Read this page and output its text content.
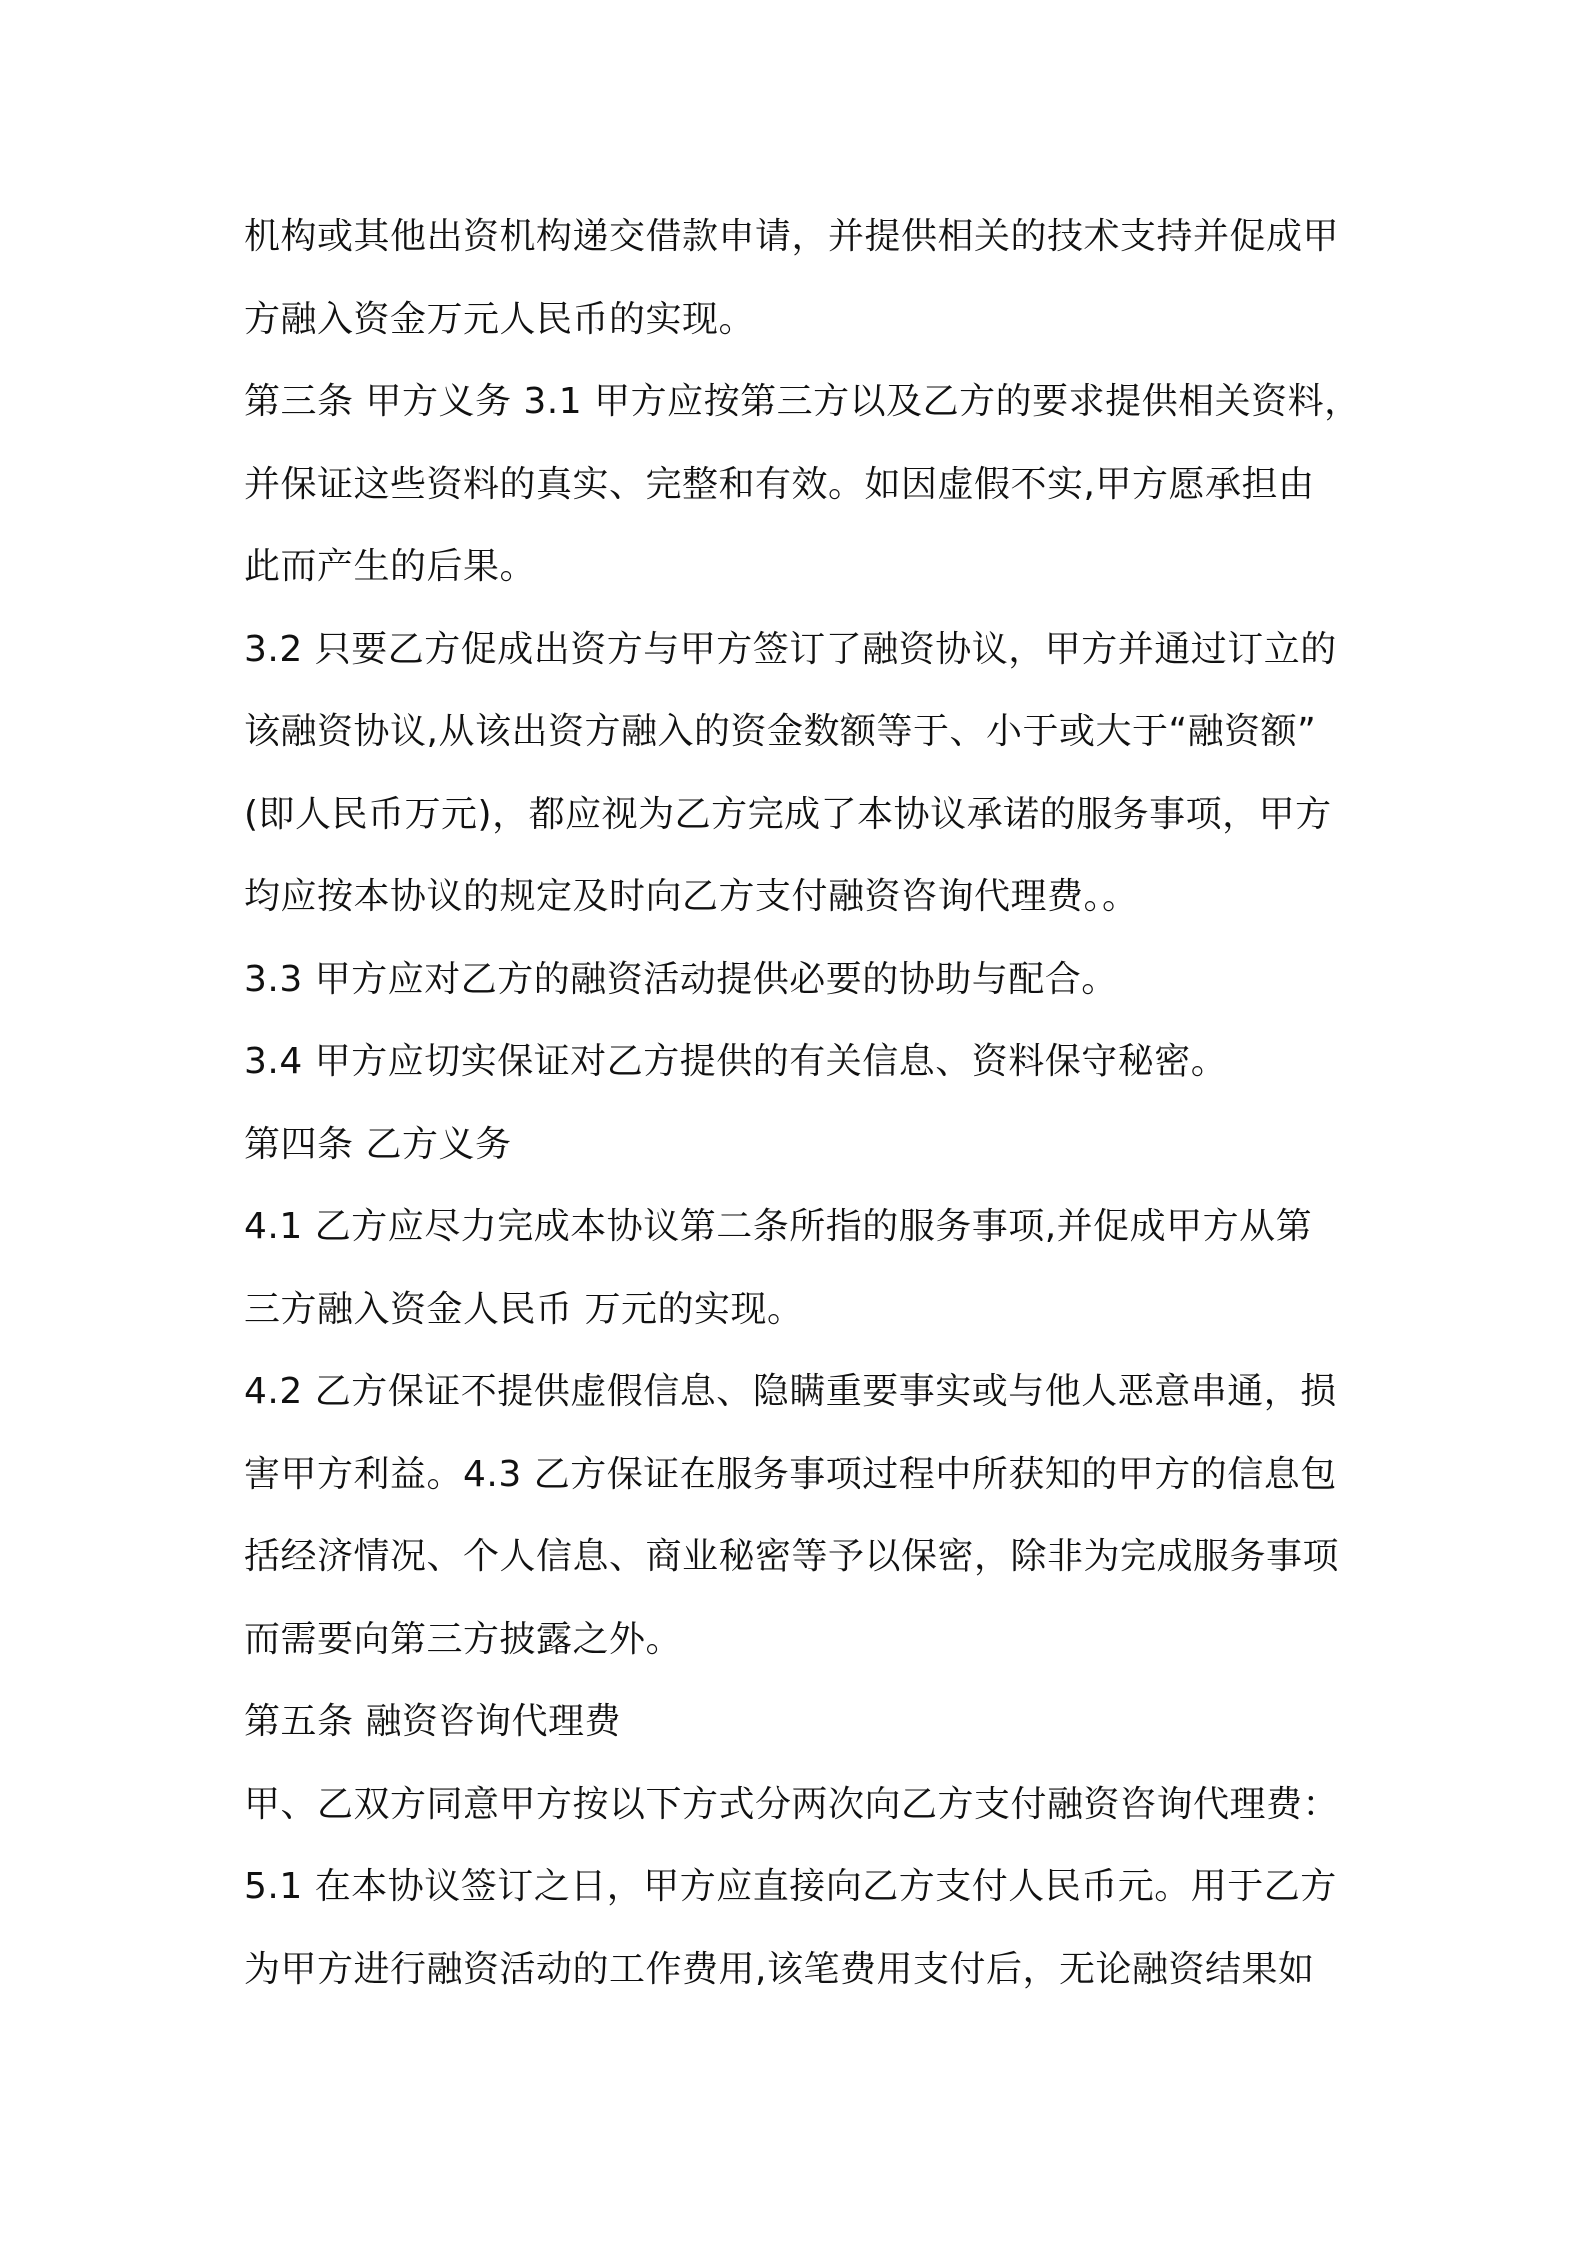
机构或其他出资机构递交借款申请，并提供相关的技术支持并促成甲
方融入资金万元人民币的实现。
第三条 甲方义务 3.1 甲方应按第三方以及乙方的要求提供相关资料，
并保证这些资料的真实、完整和有效。如因虚假不实,甲方愿承担由
此而产生的后果。
3.2 只要乙方促成出资方与甲方签订了融资协议，甲方并通过订立的
该融资协议,从该出资方融入的资金数额等于、小于或大于“融资额”
(即人民币万元)，都应视为乙方完成了本协议承诺的服务事项，甲方
均应按本协议的规定及时向乙方支付融资咨询代理费。。
3.3 甲方应对乙方的融资活动提供必要的协助与配合。
3.4 甲方应切实保证对乙方提供的有关信息、资料保守秘密。
第四条 乙方义务
4.1 乙方应尽力完成本协议第二条所指的服务事项,并促成甲方从第
三方融入资金人民币 万元的实现。
4.2 乙方保证不提供虚假信息、隐瞒重要事实或与他人恶意串通，损
害甲方利益。4.3 乙方保证在服务事项过程中所获知的甲方的信息包
括经济情况、个人信息、商业秘密等予以保密，除非为完成服务事项
而需要向第三方披露之外。
第五条 融资咨询代理费
甲、乙双方同意甲方按以下方式分两次向乙方支付融资咨询代理费：
5.1 在本协议签订之日，甲方应直接向乙方支付人民币元。用于乙方
为甲方进行融资活动的工作费用,该笔费用支付后，无论融资结果如
